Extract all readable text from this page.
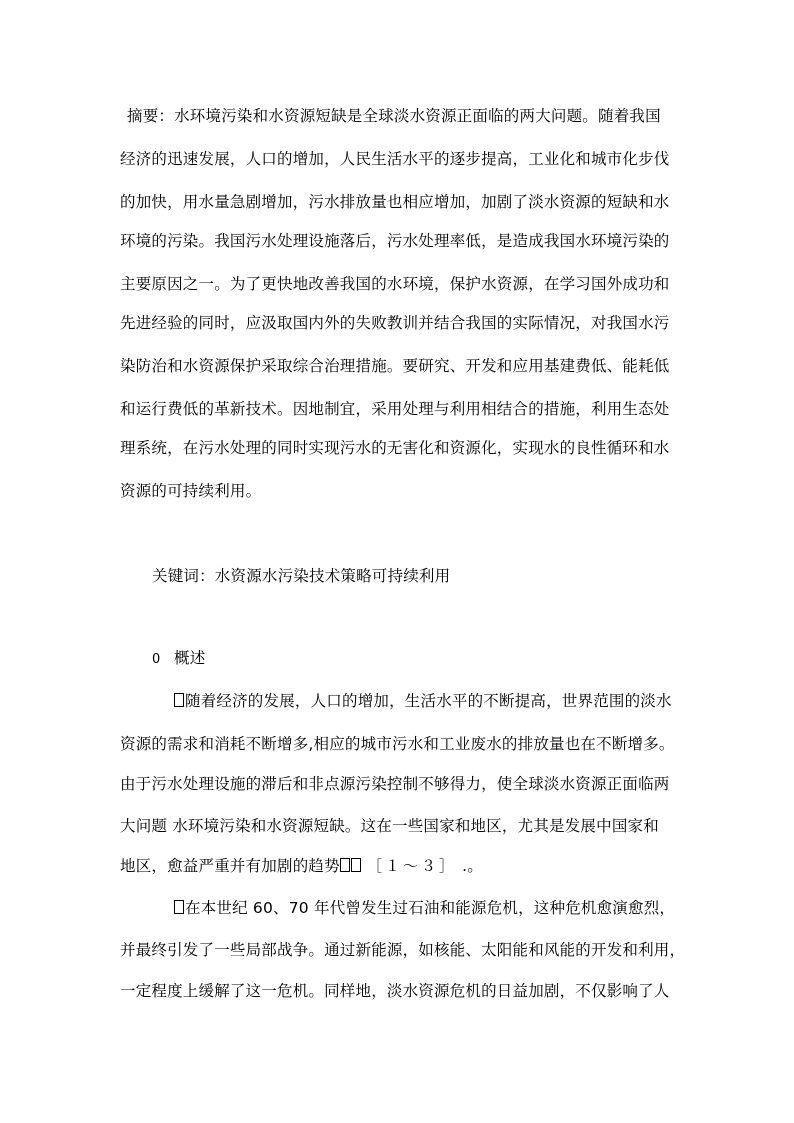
摘要：水环境污染和水资源短缺是全球淡水资源正面临的两大问题。随着我国
经济的迅速发展，人口的增加，人民生活水平的逐步提高，工业化和城市化步伐
的加快，用水量急剧增加，污水排放量也相应增加，加剧了淡水资源的短缺和水
环境的污染。我国污水处理设施落后，污水处理率低，是造成我国水环境污染的
主要原因之一。为了更快地改善我国的水环境，保护水资源，在学习国外成功和
先进经验的同时，应汲取国内外的失败教训并结合我国的实际情况，对我国水污
染防治和水资源保护采取综合治理措施。要研究、开发和应用基建费低、能耗低
和运行费低的革新技术。因地制宜，采用处理与利用相结合的措施，利用生态处
理系统，在污水处理的同时实现污水的无害化和资源化，实现水的良性循环和水
资源的可持续利用。
关键词：水资源水污染技术策略可持续利用
0 概述
随着经济的发展，人口的增加，生活水平的不断提高，世界范围的淡水
资源的需求和消耗不断增多,相应的城市污水和工业废水的排放量也在不断增多。
由于污水处理设施的滞后和非点源污染控制不够得力，使全球淡水资源正面临两
大问题 水环境污染和水资源短缺。这在一些国家和地区，尤其是发展中国家和
地区，愈益严重并有加剧的趋势 ［１～３］ .。
在本世纪 60、70 年代曾发生过石油和能源危机，这种危机愈演愈烈，
并最终引发了一些局部战争。通过新能源，如核能、太阳能和风能的开发和利用，
一定程度上缓解了这一危机。同样地，淡水资源危机的日益加剧，不仅影响了人
